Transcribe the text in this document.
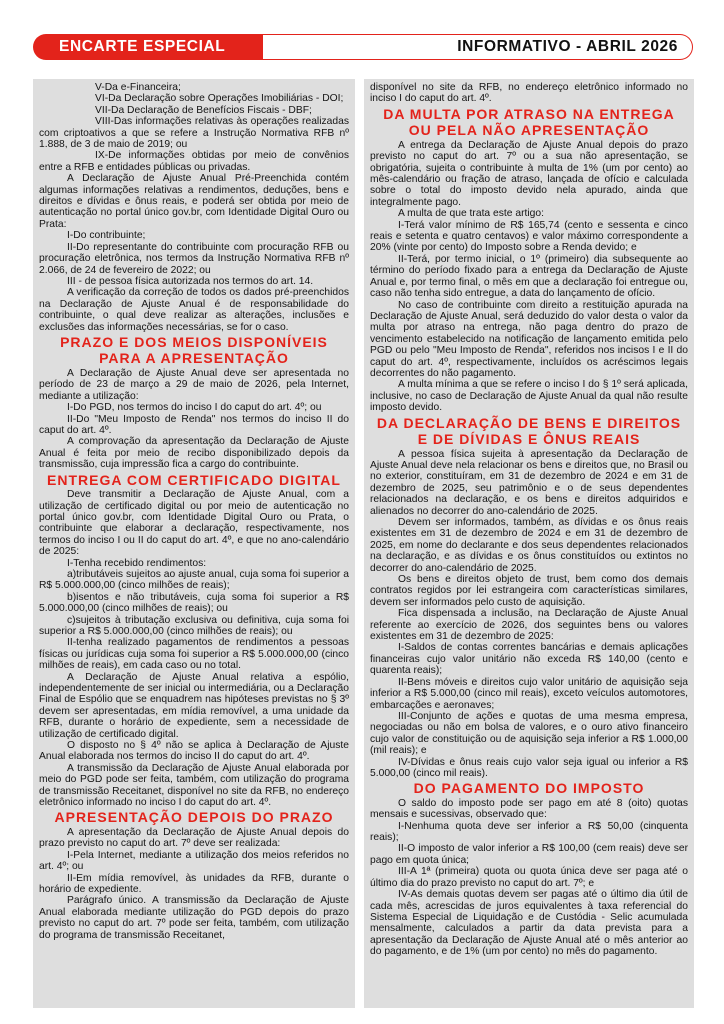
ENCARTE ESPECIAL	INFORMATIVO - ABRIL 2026

V-Da e-Financeira;

VI-Da Declaração sobre Operações Imobiliárias - DOI;

VII-Da Declaração de Benefícios Fiscais - DBF;

VIII-Das informações relativas às operações realizadas com criptoativos a que se refere a Instrução Normativa RFB nº 1.888, de 3 de maio de 2019; ou

IX-De informações obtidas por meio de convênios entre a RFB e entidades públicas ou privadas.

A Declaração de Ajuste Anual Pré-Preenchida contém algumas informações relativas a rendimentos, deduções, bens e direitos e dívidas e ônus reais, e poderá ser obtida por meio de autenticação no portal único gov.br, com Identidade Digital Ouro ou Prata:

I-Do contribuinte;

II-Do representante do contribuinte com procuração RFB ou procuração eletrônica, nos termos da Instrução Normativa RFB nº 2.066, de 24 de fevereiro de 2022; ou

III - de pessoa física autorizada nos termos do art. 14.

A verificação da correção de todos os dados pré-preenchidos na Declaração de Ajuste Anual é de responsabilidade do contribuinte, o qual deve realizar as alterações, inclusões e exclusões das informações necessárias, se for o caso.

PRAZO E DOS MEIOS DISPONÍVEIS PARA A APRESENTAÇÃO

A Declaração de Ajuste Anual deve ser apresentada no período de 23 de março a 29 de maio de 2026, pela Internet, mediante a utilização:

I-Do PGD, nos termos do inciso I do caput do art. 4º; ou

II-Do "Meu Imposto de Renda" nos termos do inciso II do caput do art. 4º.

A comprovação da apresentação da Declaração de Ajuste Anual é feita por meio de recibo disponibilizado depois da transmissão, cuja impressão fica a cargo do contribuinte.

ENTREGA COM CERTIFICADO DIGITAL

Deve transmitir a Declaração de Ajuste Anual, com a utilização de certificado digital ou por meio de autenticação no portal único gov.br, com Identidade Digital Ouro ou Prata, o contribuinte que elaborar a declaração, respectivamente, nos termos do inciso I ou II do caput do art. 4º, e que no ano-calendário de 2025:

I-Tenha recebido rendimentos:

a)tributáveis sujeitos ao ajuste anual, cuja soma foi superior a R$ 5.000.000,00 (cinco milhões de reais);

b)isentos e não tributáveis, cuja soma foi superior a R$ 5.000.000,00 (cinco milhões de reais); ou

c)sujeitos à tributação exclusiva ou definitiva, cuja soma foi superior a R$ 5.000.000,00 (cinco milhões de reais); ou

II-tenha realizado pagamentos de rendimentos a pessoas físicas ou jurídicas cuja soma foi superior a R$ 5.000.000,00 (cinco milhões de reais), em cada caso ou no total.

A Declaração de Ajuste Anual relativa a espólio, independentemente de ser inicial ou intermediária, ou a Declaração Final de Espólio que se enquadrem nas hipóteses previstas no § 3º devem ser apresentadas, em mídia removível, a uma unidade da RFB, durante o horário de expediente, sem a necessidade de utilização de certificado digital.

O disposto no § 4º não se aplica à Declaração de Ajuste Anual elaborada nos termos do inciso II do caput do art. 4º.

A transmissão da Declaração de Ajuste Anual elaborada por meio do PGD pode ser feita, também, com utilização do programa de transmissão Receitanet, disponível no site da RFB, no endereço eletrônico informado no inciso I do caput do art. 4º.

APRESENTAÇÃO DEPOIS DO PRAZO

A apresentação da Declaração de Ajuste Anual depois do prazo previsto no caput do art. 7º deve ser realizada:

I-Pela Internet, mediante a utilização dos meios referidos no art. 4º; ou

II-Em mídia removível, às unidades da RFB, durante o horário de expediente.

Parágrafo único. A transmissão da Declaração de Ajuste Anual elaborada mediante utilização do PGD depois do prazo previsto no caput do art. 7º pode ser feita, também, com utilização do programa de transmissão Receitanet,

disponível no site da RFB, no endereço eletrônico informado no inciso I do caput do art. 4º.

DA MULTA POR ATRASO NA ENTREGA OU PELA NÃO APRESENTAÇÃO

A entrega da Declaração de Ajuste Anual depois do prazo previsto no caput do art. 7º ou a sua não apresentação, se obrigatória, sujeita o contribuinte à multa de 1% (um por cento) ao mês-calendário ou fração de atraso, lançada de ofício e calculada sobre o total do imposto devido nela apurado, ainda que integralmente pago.

A multa de que trata este artigo:

I-Terá valor mínimo de R$ 165,74 (cento e sessenta e cinco reais e setenta e quatro centavos) e valor máximo correspondente a 20% (vinte por cento) do Imposto sobre a Renda devido; e

II-Terá, por termo inicial, o 1º (primeiro) dia subsequente ao término do período fixado para a entrega da Declaração de Ajuste Anual e, por termo final, o mês em que a declaração foi entregue ou, caso não tenha sido entregue, a data do lançamento de ofício.

No caso de contribuinte com direito a restituição apurada na Declaração de Ajuste Anual, será deduzido do valor desta o valor da multa por atraso na entrega, não paga dentro do prazo de vencimento estabelecido na notificação de lançamento emitida pelo PGD ou pelo "Meu Imposto de Renda", referidos nos incisos I e II do caput do art. 4º, respectivamente, incluídos os acréscimos legais decorrentes do não pagamento.

A multa mínima a que se refere o inciso I do § 1º será aplicada, inclusive, no caso de Declaração de Ajuste Anual da qual não resulte imposto devido.

DA DECLARAÇÃO DE BENS E DIREITOS E DE DÍVIDAS E ÔNUS REAIS

A pessoa física sujeita à apresentação da Declaração de Ajuste Anual deve nela relacionar os bens e direitos que, no Brasil ou no exterior, constituíram, em 31 de dezembro de 2024 e em 31 de dezembro de 2025, seu patrimônio e o de seus dependentes relacionados na declaração, e os bens e direitos adquiridos e alienados no decorrer do ano-calendário de 2025.

Devem ser informados, também, as dívidas e os ônus reais existentes em 31 de dezembro de 2024 e em 31 de dezembro de 2025, em nome do declarante e dos seus dependentes relacionados na declaração, e as dívidas e os ônus constituídos ou extintos no decorrer do ano-calendário de 2025.

Os bens e direitos objeto de trust, bem como dos demais contratos regidos por lei estrangeira com características similares, devem ser informados pelo custo de aquisição.

Fica dispensada a inclusão, na Declaração de Ajuste Anual referente ao exercício de 2026, dos seguintes bens ou valores existentes em 31 de dezembro de 2025:

I-Saldos de contas correntes bancárias e demais aplicações financeiras cujo valor unitário não exceda R$ 140,00 (cento e quarenta reais);

II-Bens móveis e direitos cujo valor unitário de aquisição seja inferior a R$ 5.000,00 (cinco mil reais), exceto veículos automotores, embarcações e aeronaves;

III-Conjunto de ações e quotas de uma mesma empresa, negociadas ou não em bolsa de valores, e o ouro ativo financeiro cujo valor de constituição ou de aquisição seja inferior a R$ 1.000,00 (mil reais); e

IV-Dívidas e ônus reais cujo valor seja igual ou inferior a R$ 5.000,00 (cinco mil reais).

DO PAGAMENTO DO IMPOSTO

O saldo do imposto pode ser pago em até 8 (oito) quotas mensais e sucessivas, observado que:

I-Nenhuma quota deve ser inferior a R$ 50,00 (cinquenta reais);

II-O imposto de valor inferior a R$ 100,00 (cem reais) deve ser pago em quota única;

III-A 1ª (primeira) quota ou quota única deve ser paga até o último dia do prazo previsto no caput do art. 7º; e

IV-As demais quotas devem ser pagas até o último dia útil de cada mês, acrescidas de juros equivalentes à taxa referencial do Sistema Especial de Liquidação e de Custódia - Selic acumulada mensalmente, calculados a partir da data prevista para a apresentação da Declaração de Ajuste Anual até o mês anterior ao do pagamento, e de 1% (um por cento) no mês do pagamento.
